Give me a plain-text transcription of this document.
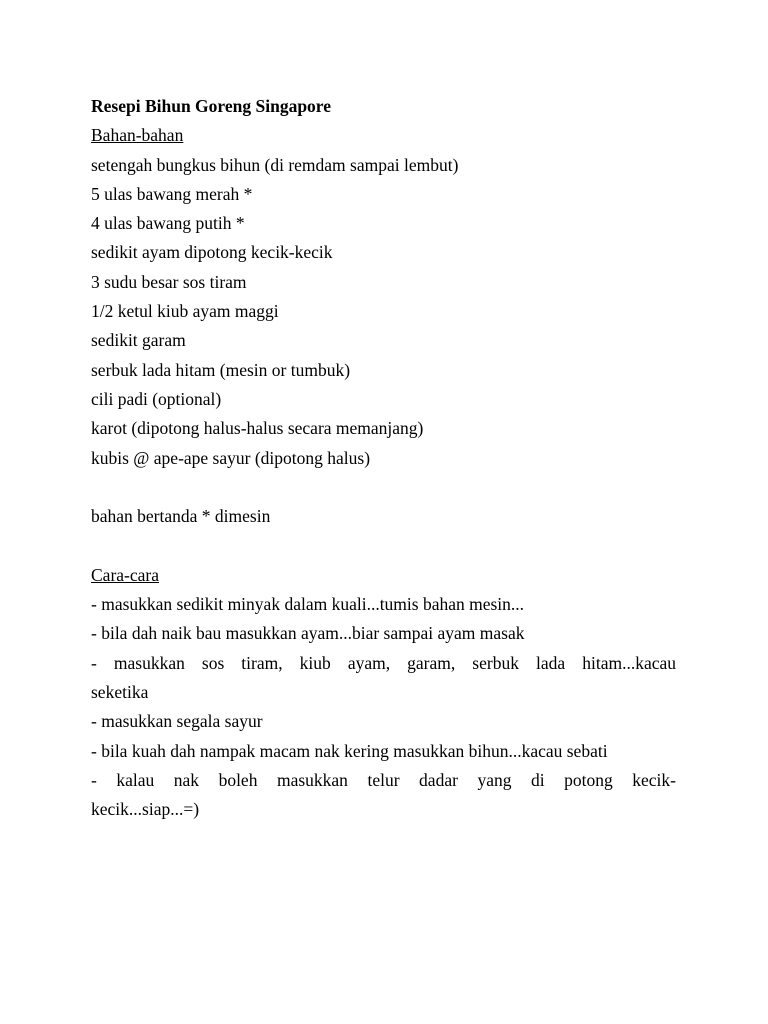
Resepi Bihun Goreng Singapore
Bahan-bahan
setengah bungkus bihun (di remdam sampai lembut)
5 ulas bawang merah *
4 ulas bawang putih *
sedikit ayam dipotong kecik-kecik
3 sudu besar sos tiram
1/2 ketul kiub ayam maggi
sedikit garam
serbuk lada hitam (mesin or tumbuk)
cili padi (optional)
karot (dipotong halus-halus secara memanjang)
kubis @ ape-ape sayur (dipotong halus)
bahan bertanda * dimesin
Cara-cara
- masukkan sedikit minyak dalam kuali...tumis bahan mesin...
- bila dah naik bau masukkan ayam...biar sampai ayam masak
- masukkan sos tiram, kiub ayam, garam, serbuk lada hitam...kacau
seketika
- masukkan segala sayur
- bila kuah dah nampak macam nak kering masukkan bihun...kacau sebati
- kalau nak boleh masukkan telur dadar yang di potong kecik-
kecik...siap...=)
